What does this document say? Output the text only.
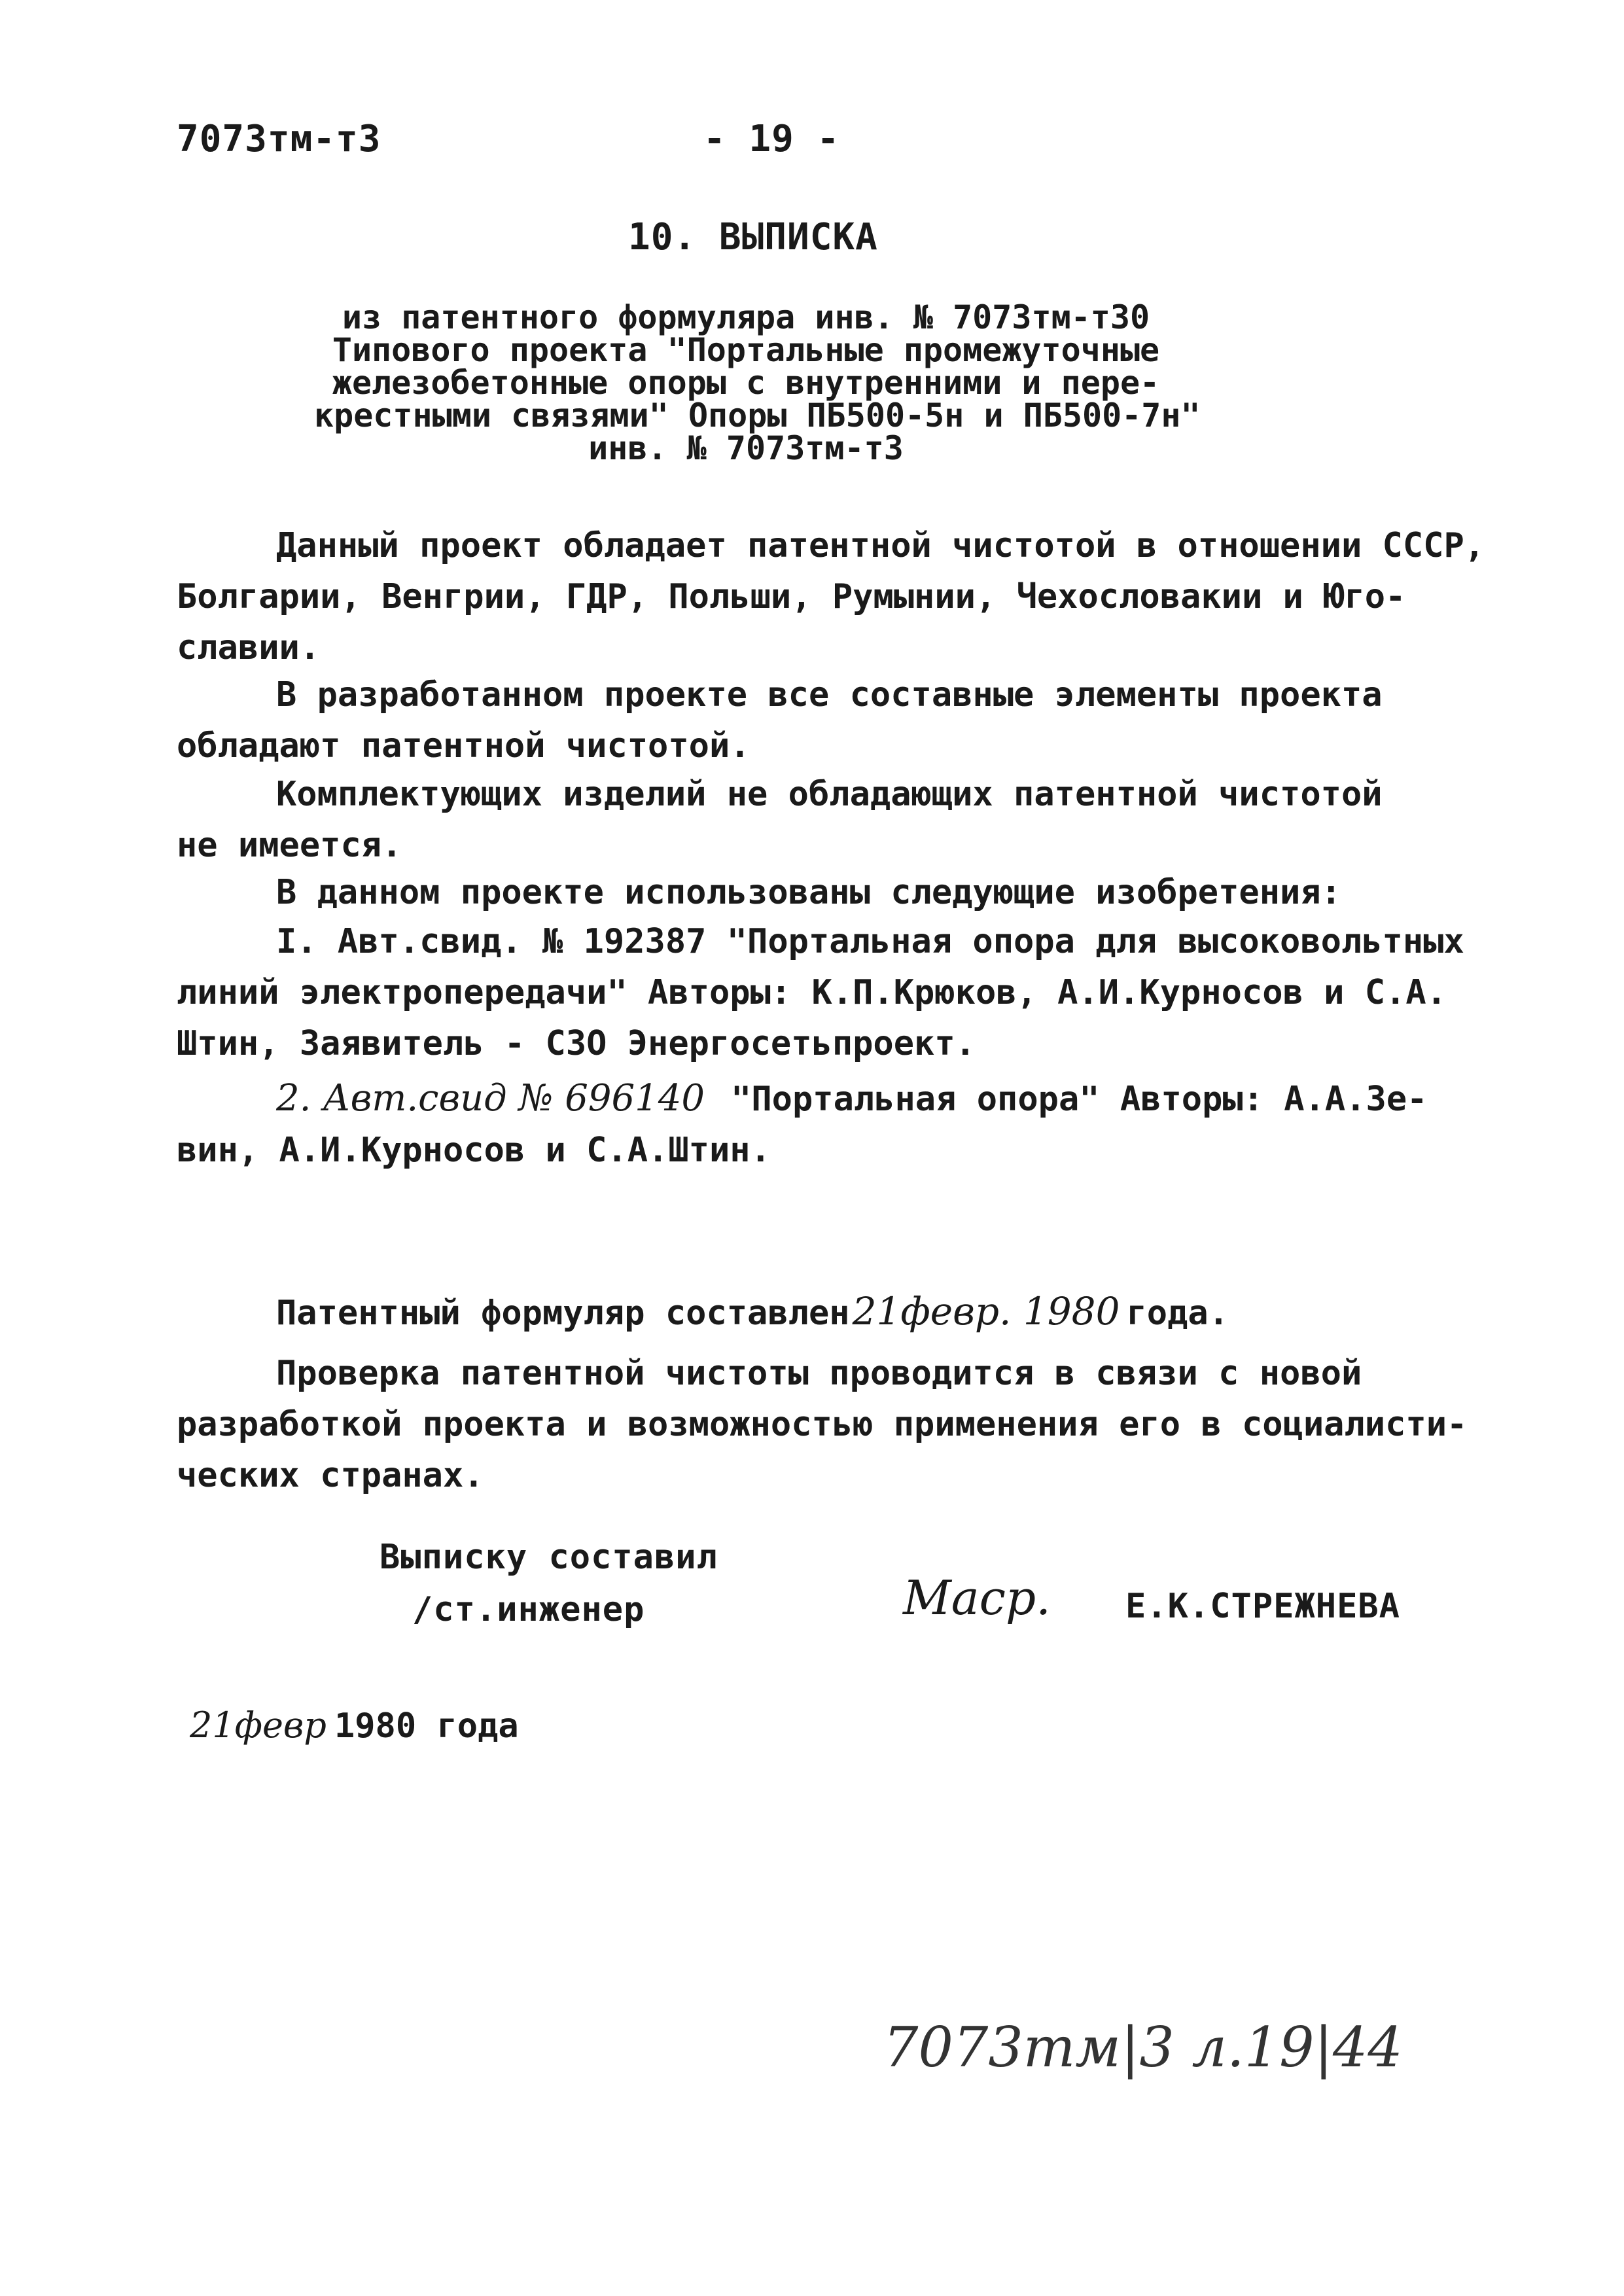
7073тм-т3	- 19 -
10. ВЫПИСКА
из патентного формуляра инв. № 7073тм-т30
Типового проекта "Портальные промежуточные
железобетонные опоры с внутренними и пере-
крестными связями" Опоры ПБ500-5н и ПБ500-7н"
инв. № 7073тм-т3
Данный проект обладает патентной чистотой в отношении СССР,
Болгарии, Венгрии, ГДР, Польши, Румынии, Чехословакии и Юго-
славии.
В разработанном проекте все составные элементы проекта
обладают патентной чистотой.
Комплектующих изделий не обладающих патентной чистотой
не имеется.
В данном проекте использованы следующие изобретения:
I. Авт.свид. № 192387 "Портальная опора для высоковольтных
линий электропередачи" Авторы: К.П.Крюков, А.И.Курносов и С.А.
Штин, Заявитель - СЗО Энергосетьпроект.
2. Авт.свид № 696140 "Портальная опора" Авторы: А.А.Зе-
вин, А.И.Курносов и С.А.Штин.
Патентный формуляр составлен21февр. 1980 года.
Проверка патентной чистоты проводится в связи с новой
разработкой проекта и возможностью применения его в социалисти-
ческих странах.
Выписку составил
/ст.инженер	Маср. Е.К.СТРЕЖНЕВА
21февр 1980 года
7073тм|3 л.19|44
